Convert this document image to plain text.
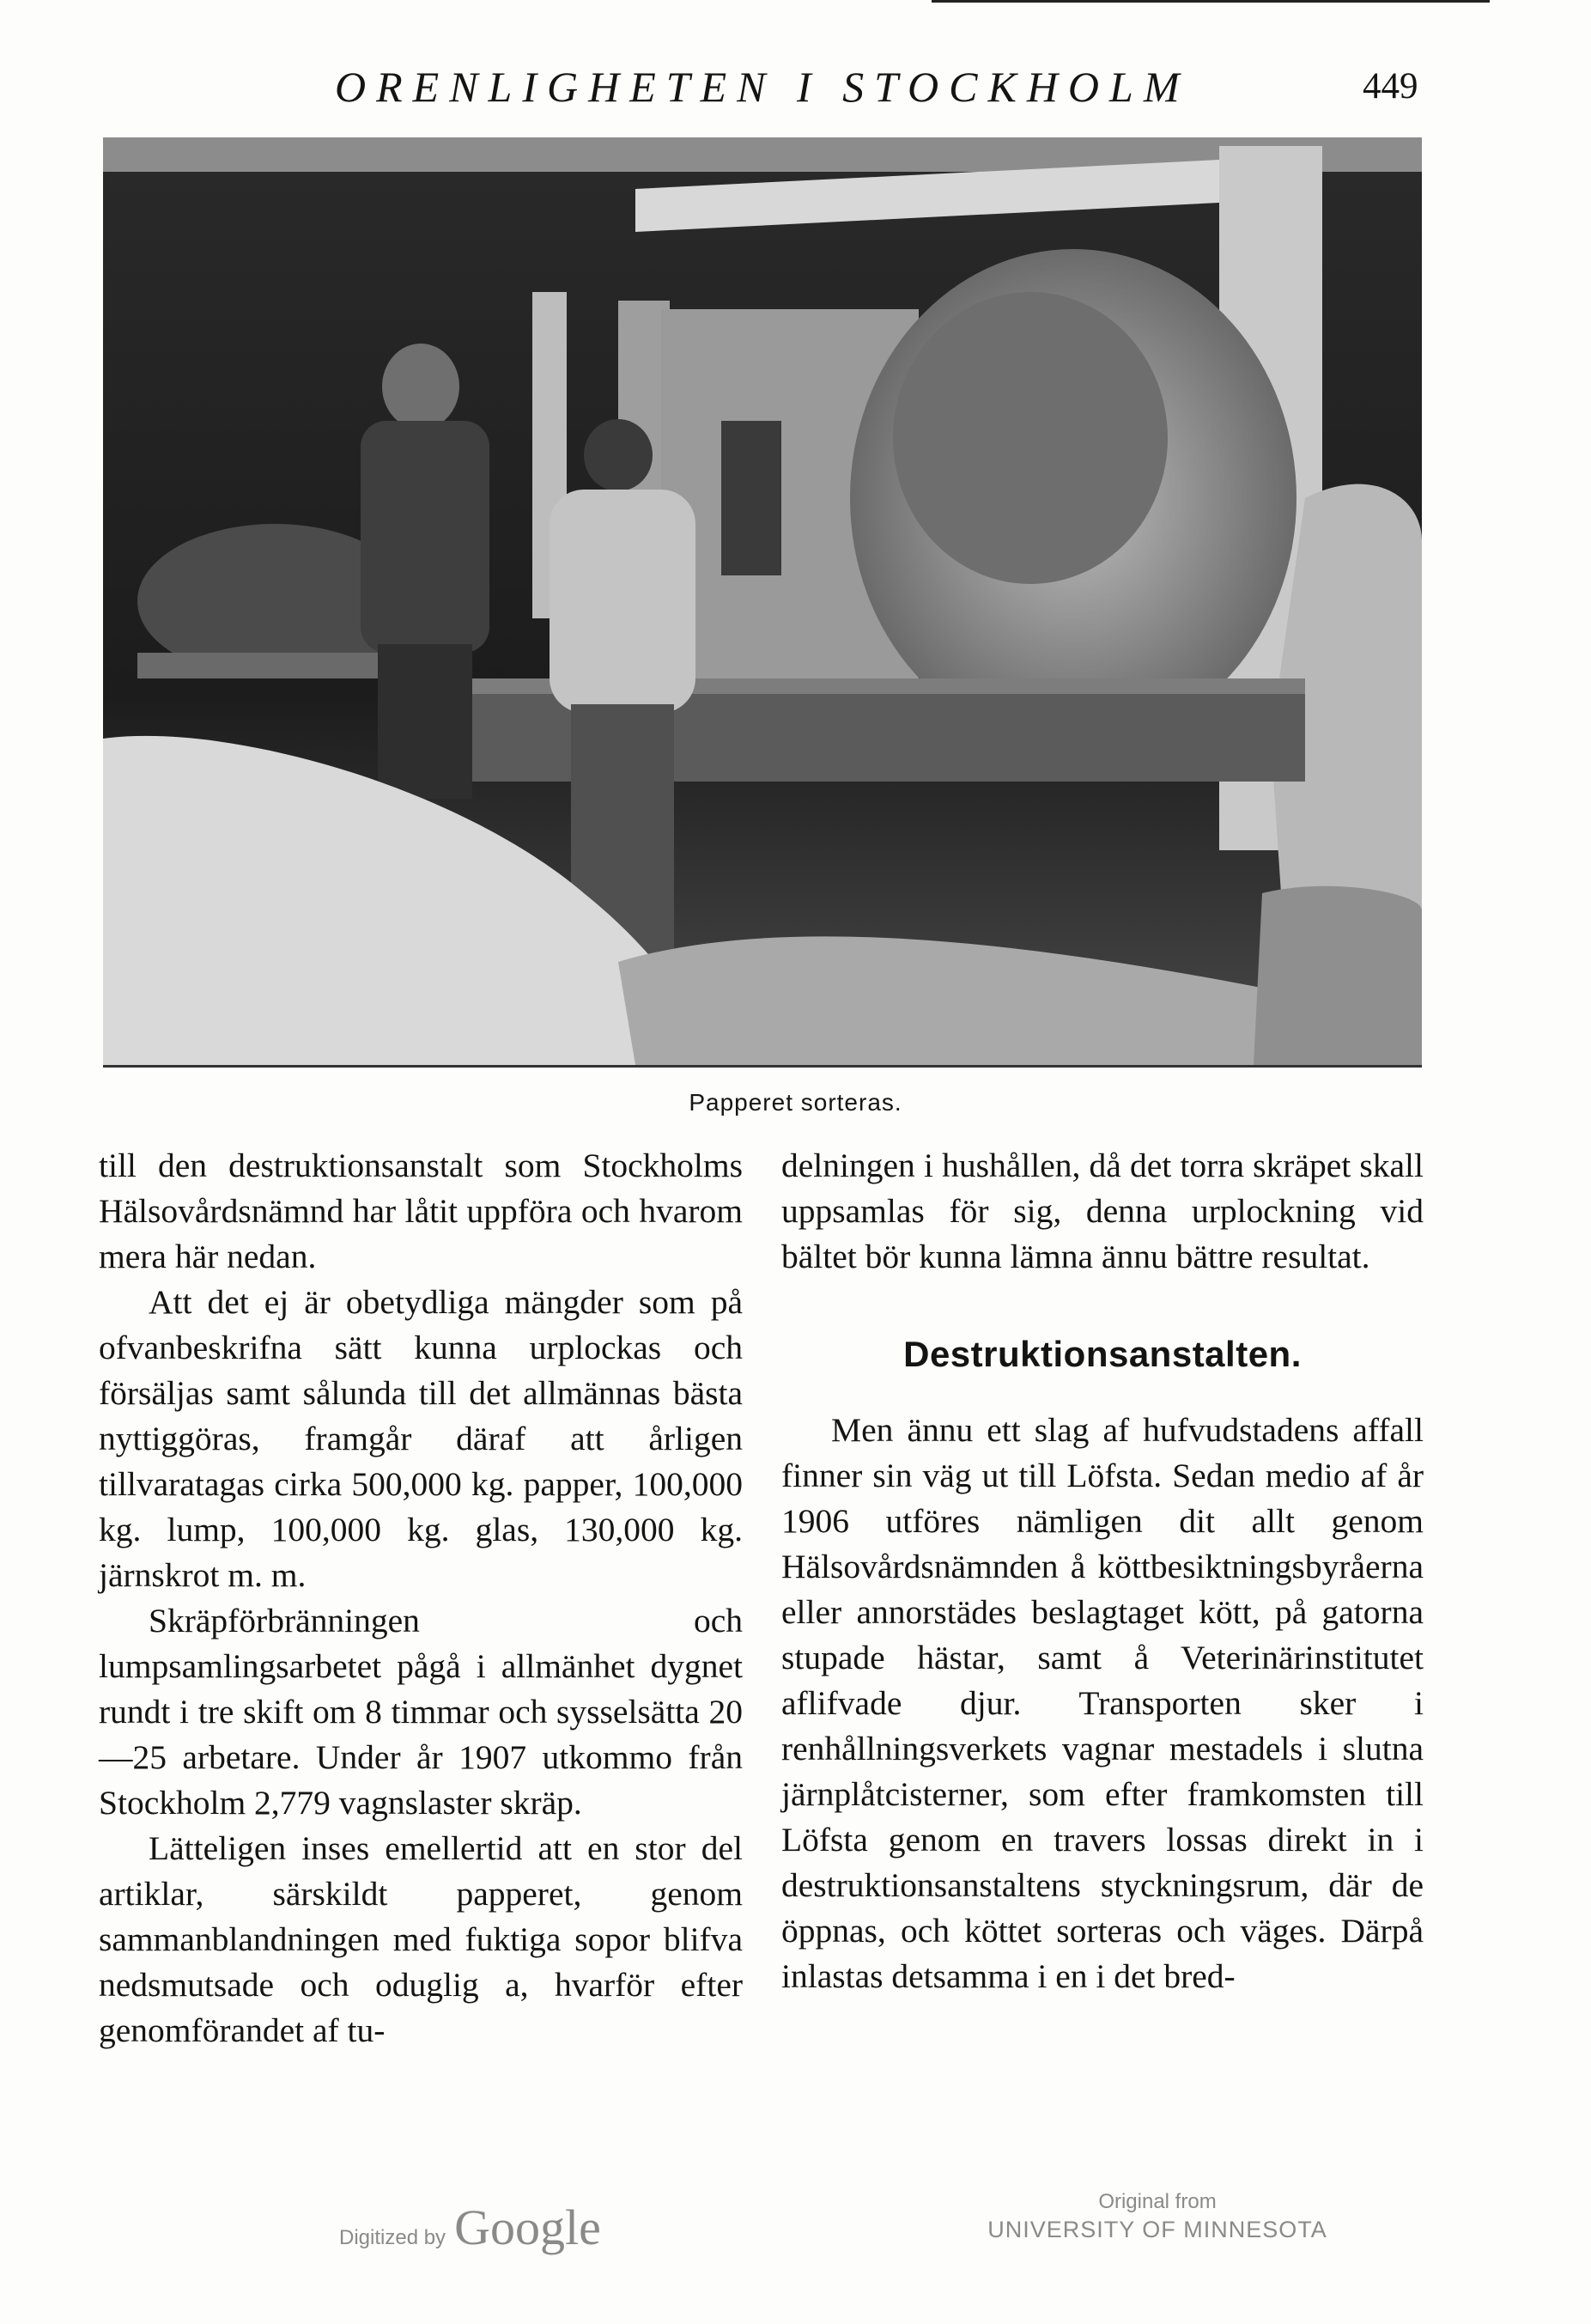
ORENLIGHETEN I STOCKHOLM	449
Papperet sorteras.

till den destruktionsanstalt som Stockholms Hälsovårdsnämnd har låtit uppföra och hvarom mera här nedan.

Att det ej är obetydliga mängder som på ofvanbeskrifna sätt kunna urplockas och försäljas samt sålunda till det allmännas bästa nyttiggöras, framgår däraf att årligen tillvaratagas cirka 500,000 kg. papper, 100,000 kg. lump, 100,000 kg. glas, 130,000 kg. järnskrot m. m.

Skräpförbränningen och lumpsamlingsarbetet pågå i allmänhet dygnet rundt i tre skift om 8 timmar och sysselsätta 20—25 arbetare. Under år 1907 utkommo från Stockholm 2,779 vagnslaster skräp.

Lätteligen inses emellertid att en stor del artiklar, särskildt papperet, genom sammanblandningen med fuktiga sopor blifva nedsmutsade och oduglig a, hvarför efter genomförandet af tu-

delningen i hushållen, då det torra skräpet skall uppsamlas för sig, denna urplockning vid bältet bör kunna lämna ännu bättre resultat.

Destruktionsanstalten.

Men ännu ett slag af hufvudstadens affall finner sin väg ut till Löfsta. Sedan medio af år 1906 utföres nämligen dit allt genom Hälsovårdsnämnden å köttbesiktningsbyråerna eller annorstädes beslagtaget kött, på gatorna stupade hästar, samt å Veterinärinstitutet aflifvade djur. Transporten sker i renhållningsverkets vagnar mestadels i slutna järnplåtcisterner, som efter framkomsten till Löfsta genom en travers lossas direkt in i destruktionsanstaltens styckningsrum, där de öppnas, och köttet sorteras och väges. Därpå inlastas detsamma i en i det bred-

Digitized by Google	Original from
UNIVERSITY OF MINNESOTA
